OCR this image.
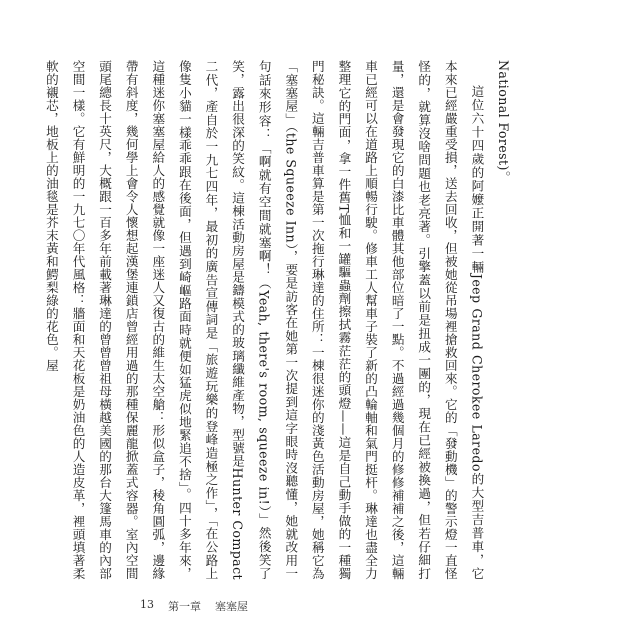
National Forest)。

這位六十四歲的阿嬤正開著一輛Jeep Grand Cherokee Laredo的大型吉普車，它本來已經嚴重受損，送去回收，但被她從吊場裡搶救回來。它的「發動機」的警示燈一直怪怪的，就算沒啥問題也老亮著。引擎蓋以前是扭成一團的，現在已經被換過，但若仔細打量，還是會發現它的白漆比車體其他部位暗了一點。不過經過幾個月的修修補補之後，這輛車已經可以在道路上順暢行駛。修車工人幫車子裝了新的凸輪軸和氣門挺杆。琳達也盡全力整理它的門面，拿一件舊T恤和一罐驅蟲劑擦拭霧茫茫的頭燈——這是自己動手做的一種獨門秘訣。這輛吉普車算是第一次拖行琳達的住所：一棟很迷你的淺黃色活動房屋，她稱它為「塞塞屋」（the Squeeze Inn），要是訪客在她第一次提到這字眼時沒聽懂，她就改用一句話來形容：「啊就有空間就塞啊！（Yeah, there's room, squeeze in!）」然後笑了笑，露出很深的笑紋。這棟活動房屋是鑄模式的玻璃纖維產物，型號是Hunter Compact二代，產自於一九七四年，最初的廣告宣傳詞是「旅遊玩樂的登峰造極之作」，「在公路上像隻小貓一樣乖乖跟在後面，但遇到崎嶇路面時就便如猛虎似地緊追不捨」。四十多年來，這種迷你塞塞屋給人的感覺就像一座迷人又復古的維生太空艙：形似盒子，稜角圓弧，邊緣帶有斜度，幾何學上會令人懷想起漢堡連鎖店曾經用過的那種保麗龍掀蓋式容器。室內空間頭尾總長十英尺，大概跟一百多年前載著琳達的曾曾曾祖母橫越美國的那台大篷馬車的內部空間一樣。它有鮮明的一九七〇年代風格：牆面和天花板是奶油色的人造皮革，裡頭填著柔軟的襯芯，地板上的油毯是芥末黃和鰐梨綠的花色。屋

13 第一章 塞塞屋
